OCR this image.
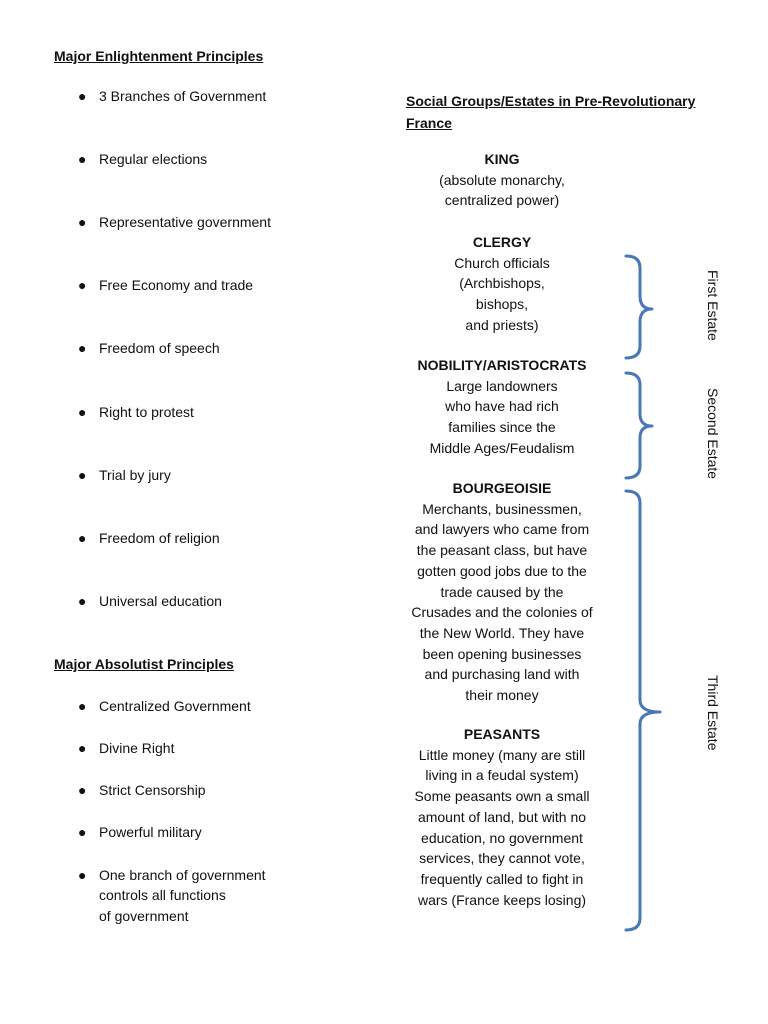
Major Enlightenment Principles
● 3 Branches of Government
● Regular elections
● Representative government
● Free Economy and trade
● Freedom of speech
● Right to protest
● Trial by jury
● Freedom of religion
● Universal education
Major Absolutist Principles
● Centralized Government
● Divine Right
● Strict Censorship
● Powerful military
● One branch of government
controls all functions
of government
Social Groups/Estates in Pre-Revolutionary
France
KING
(absolute monarchy,
centralized power)
CLERGY
Church officials
(Archbishops,
bishops,
and priests)
NOBILITY/ARISTOCRATS
Large landowners
who have had rich
families since the
Middle Ages/Feudalism
BOURGEOISIE
Merchants, businessmen,
and lawyers who came from
the peasant class, but have
gotten good jobs due to the
trade caused by the
Crusades and the colonies of
the New World. They have
been opening businesses
and purchasing land with
their money
PEASANTS
Little money (many are still
living in a feudal system)
Some peasants own a small
amount of land, but with no
education, no government
services, they cannot vote,
frequently called to fight in
wars (France keeps losing)
First Estate
Second Estate
Third Estate
